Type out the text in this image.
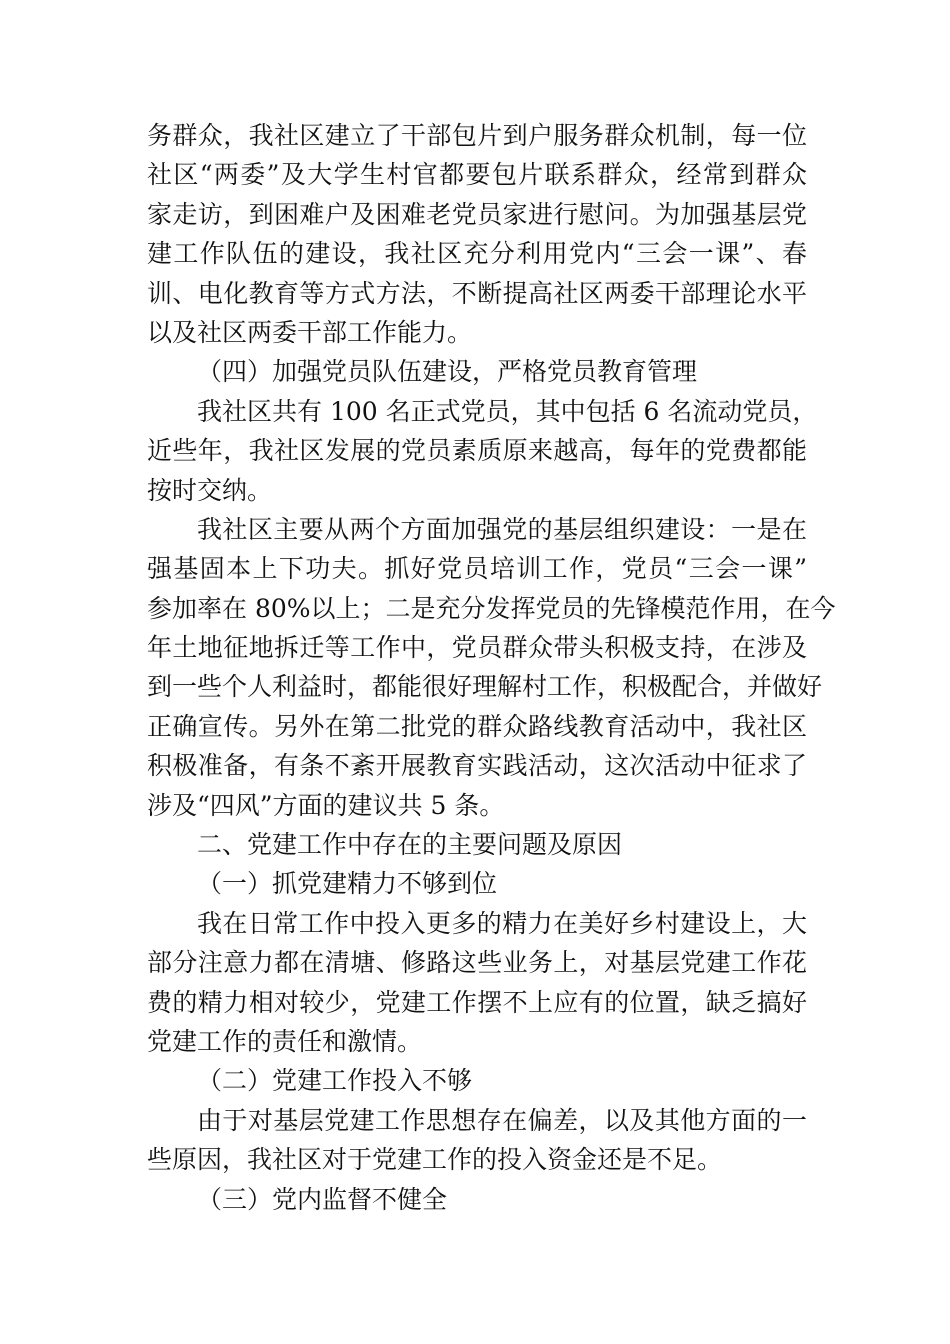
务群众，我社区建立了干部包片到户服务群众机制，每一位
社区“两委”及大学生村官都要包片联系群众，经常到群众
家走访，到困难户及困难老党员家进行慰问。为加强基层党
建工作队伍的建设，我社区充分利用党内“三会一课”、春
训、电化教育等方式方法，不断提高社区两委干部理论水平
以及社区两委干部工作能力。
（四）加强党员队伍建设，严格党员教育管理
我社区共有 100 名正式党员，其中包括 6 名流动党员，
近些年，我社区发展的党员素质原来越高，每年的党费都能
按时交纳。
我社区主要从两个方面加强党的基层组织建设：一是在
强基固本上下功夫。抓好党员培训工作，党员“三会一课”
参加率在 80%以上；二是充分发挥党员的先锋模范作用，在今
年土地征地拆迁等工作中，党员群众带头积极支持，在涉及
到一些个人利益时，都能很好理解村工作，积极配合，并做好
正确宣传。另外在第二批党的群众路线教育活动中，我社区
积极准备，有条不紊开展教育实践活动，这次活动中征求了
涉及“四风”方面的建议共 5 条。
二、党建工作中存在的主要问题及原因
（一）抓党建精力不够到位
我在日常工作中投入更多的精力在美好乡村建设上，大
部分注意力都在清塘、修路这些业务上，对基层党建工作花
费的精力相对较少，党建工作摆不上应有的位置，缺乏搞好
党建工作的责任和激情。
（二）党建工作投入不够
由于对基层党建工作思想存在偏差，以及其他方面的一
些原因，我社区对于党建工作的投入资金还是不足。
（三）党内监督不健全
